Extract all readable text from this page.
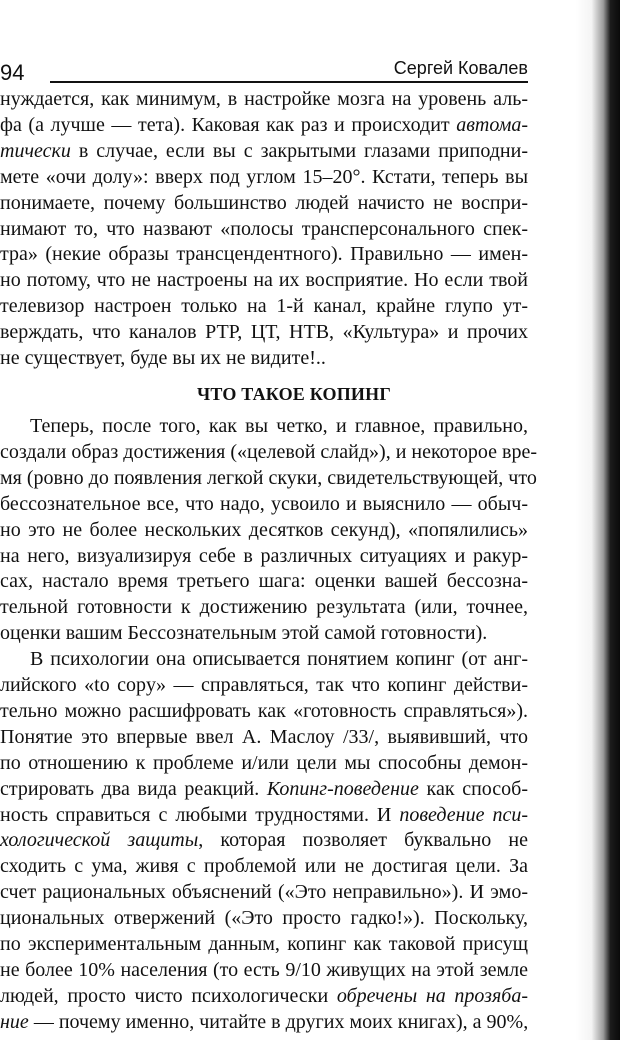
94	Сергей Ковалев
нуждается, как минимум, в настройке мозга на уровень аль-
фа (а лучше — тета). Каковая как раз и происходит автома-
тически в случае, если вы с закрытыми глазами приподни-
мете «очи долу»: вверх под углом 15–20°. Кстати, теперь вы
понимаете, почему большинство людей начисто не воспри-
нимают то, что назвают «полосы трансперсонального спек-
тра» (некие образы трансцендентного). Правильно — имен-
но потому, что не настроены на их восприятие. Но если твой
телевизор настроен только на 1-й канал, крайне глупо ут-
верждать, что каналов РТР, ЦТ, НТВ, «Культура» и прочих
не существует, буде вы их не видите!..
ЧТО ТАКОЕ КОПИНГ
Теперь, после того, как вы четко, и главное, правильно,
создали образ достижения («целевой слайд»), и некоторое вре-
мя (ровно до появления легкой скуки, свидетельствующей, что
бессознательное все, что надо, усвоило и выяснило — обыч-
но это не более нескольких десятков секунд), «попялились»
на него, визуализируя себе в различных ситуациях и ракур-
сах, настало время третьего шага: оценки вашей бессозна-
тельной готовности к достижению результата (или, точнее,
оценки вашим Бессознательным этой самой готовности).
В психологии она описывается понятием копинг (от анг-
лийского «to copy» — справляться, так что копинг действи-
тельно можно расшифровать как «готовность справляться»).
Понятие это впервые ввел А. Маслоу /33/, выявивший, что
по отношению к проблеме и/или цели мы способны демон-
стрировать два вида реакций. Копинг-поведение как способ-
ность справиться с любыми трудностями. И поведение пси-
хологической защиты, которая позволяет буквально не
сходить с ума, живя с проблемой или не достигая цели. За
счет рациональных объяснений («Это неправильно»). И эмо-
циональных отвержений («Это просто гадко!»). Поскольку,
по экспериментальным данным, копинг как таковой присущ
не более 10% населения (то есть 9/10 живущих на этой земле
людей, просто чисто психологически обречены на прозяба-
ние — почему именно, читайте в других моих книгах), а 90%,
